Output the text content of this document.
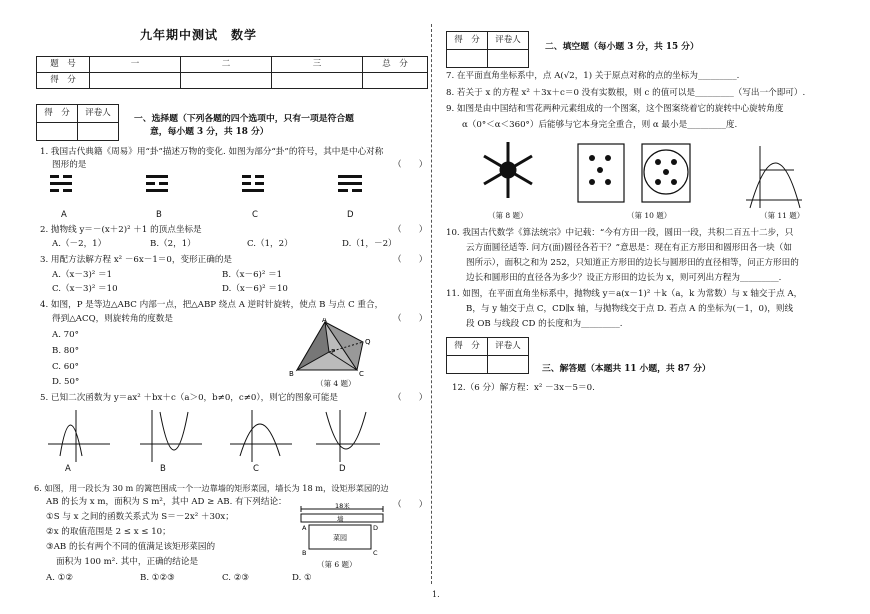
九年期中测试　数学
题　号	一	二	三	总　分
得　分				
得　分	评卷人

一、选择题（下列各题的四个选项中，只有一项是符合题
意，每小题 3 分，共 18 分）
1. 我国古代典籍《周易》用“卦”描述万物的变化. 如图为部分“卦”的符号，其中是中心对称
图形的是	（　　）
A	B	C	D
2. 抛物线 y＝－(x＋2)² ＋1 的顶点坐标是	（　　）
A.（－2，1）	B.（2，1）	C.（1，2）	D.（1，－2）
3. 用配方法解方程 x² －6x－1＝0，变形正确的是	（　　）
A.（x－3)² ＝1	B.（x－6)² ＝1
C.（x－3)² ＝10	D.（x－6)² ＝10
4. 如图，P 是等边△ABC 内部一点，把△ABP 绕点 A 逆时针旋转，使点 B 与点 C 重合，
得到△ACQ，则旋转角的度数是	（　　）
A. 70°
B. 80°
C. 60°
D. 50°
A
P
Q
B	C
（第 4 题）
5. 已知二次函数为 y＝ax² ＋bx＋c（a＞0，b≠0，c≠0），则它的图象可能是	（　　）
A	B	C	D
6. 如图，用一段长为 30 m 的篱笆围成一个一边靠墙的矩形菜园，墙长为 18 m，设矩形菜园的边
AB 的长为 x m，面积为 S m²，其中 AD ≥ AB. 有下列结论：	（　　）
①S 与 x 之间的函数关系式为 S＝－2x² ＋30x；
②x 的取值范围是 2 ≤ x ≤ 10；
③AB 的长有两个不同的值满足该矩形菜园的
面积为 100 m². 其中，正确的结论是
A. ①②	B. ①②③	C. ②③	D. ①
18米
墙
菜园
A
B	C
D
（第 6 题）
得　分	评卷人

二、填空题（每小题 3 分，共 15 分）
7. 在平面直角坐标系中，点 A(√2，1) 关于原点对称的点的坐标为_________.
8. 若关于 x 的方程 x² ＋3x＋c＝0 没有实数根，则 c 的值可以是_________（写出一个即可）.
9. 如图是由中国结和雪花两种元素组成的一个图案，这个图案绕着它的旋转中心旋转角度
α（0°＜α＜360°）后能够与它本身完全重合，则 α 最小是_________度.
（第 8 题）	（第 10 题）	（第 11 题）
10. 我国古代数学《算法统宗》中记载：“今有方田一段，圆田一段，共积二百五十二步，只
云方面圆径适等. 问方(面)圆径各若干？”意思是：现在有正方形田和圆形田各一块（如
图所示），面积之和为 252，只知道正方形田的边长与圆形田的直径相等，问正方形田的
边长和圆形田的直径各为多少？设正方形田的边长为 x，则可列出方程为_________.
11. 如图，在平面直角坐标系中，抛物线 y＝a(x－1)² ＋k（a，k 为常数）与 x 轴交于点 A，
B，与 y 轴交于点 C，CD∥x 轴，与抛物线交于点 D. 若点 A 的坐标为(－1，0)，则线
段 OB 与线段 CD 的长度和为_________.
得　分	评卷人

三、解答题（本题共 11 小题，共 87 分）
12.（6 分）解方程：x² －3x－5＝0.
1.
